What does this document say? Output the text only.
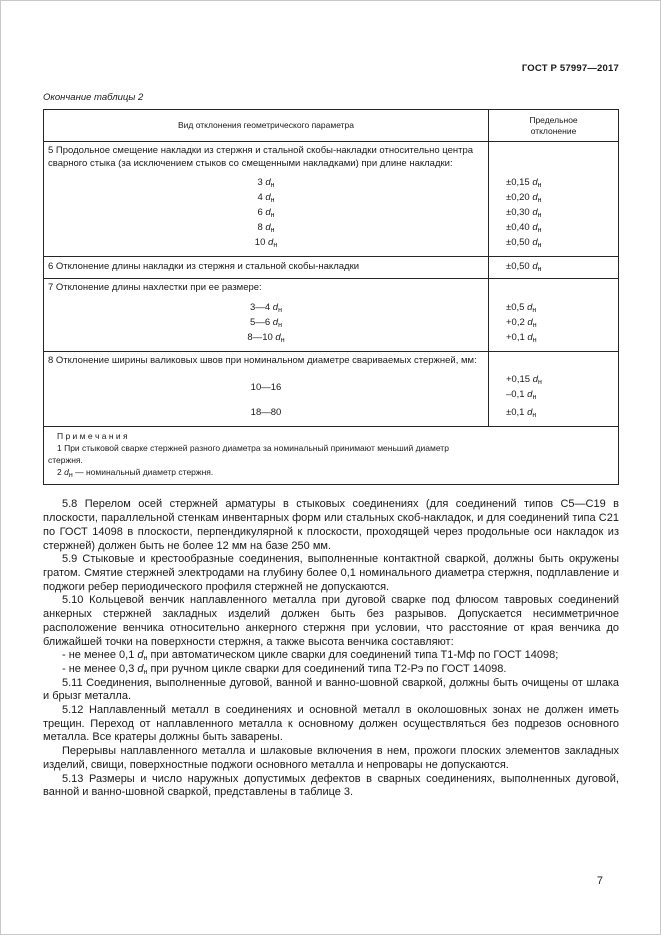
ГОСТ Р 57997—2017
Окончание таблицы 2
Вид отклонения геометрического параметра	Предельное
отклонение

5 Продольное смещение накладки из стержня и стальной скобы-накладки относительно центра сварного стыка (за исключением стыков со смещенными накладками) при длине накладки:	
3 $d_н$	±0,15 $d_н$
4 $d_н$	±0,20 $d_н$
6 $d_н$	±0,30 $d_н$
8 $d_н$	±0,40 $d_н$
10 $d_н$	±0,50 $d_н$
6 Отклонение длины накладки из стержня и стальной скобы-накладки	±0,50 $d_н$
7 Отклонение длины нахлестки при ее размере:	
3—4 $d_н$	±0,5 $d_н$
5—6 $d_н$	+0,2 $d_н$
8—10 $d_н$	+0,1 $d_н$
8 Отклонение ширины валиковых швов при номинальном диаметре свариваемых стержней, мм:	
10—16	+0,15 $d_н$
–0,1 $d_н$

18—80	±0,1 $d_н$

П р и м е ч а н и я
1 При стыковой сварке стержней разного диаметра за номинальный принимают меньший диаметр стержня.
2 $d_н$ — номинальный диаметр стержня.	

5.8 Перелом осей стержней арматуры в стыковых соединениях (для соединений типов С5—С19 в плоскости, параллельной стенкам инвентарных форм или стальных скоб-накладок, и для соединений типа С21 по ГОСТ 14098 в плоскости, перпендикулярной к плоскости, проходящей через продольные оси накладок из стержней) должен быть не более 12 мм на базе 250 мм.

5.9 Стыковые и крестообразные соединения, выполненные контактной сваркой, должны быть окружены гратом. Смятие стержней электродами на глубину более 0,1 номинального диаметра стержня, подплавление и поджоги ребер периодического профиля стержней не допускаются.

5.10 Кольцевой венчик наплавленного металла при дуговой сварке под флюсом тавровых соединений анкерных стержней закладных изделий должен быть без разрывов. Допускается несимметричное расположение венчика относительно анкерного стержня при условии, что расстояние от края венчика до ближайшей точки на поверхности стержня, а также высота венчика составляют:

- не менее 0,1 $d_н$ при автоматическом цикле сварки для соединений типа Т1-Мф по ГОСТ 14098;

- не менее 0,3 $d_н$ при ручном цикле сварки для соединений типа Т2-Рэ по ГОСТ 14098.

5.11 Соединения, выполненные дуговой, ванной и ванно-шовной сваркой, должны быть очищены от шлака и брызг металла.

5.12 Наплавленный металл в соединениях и основной металл в околошовных зонах не должен иметь трещин. Переход от наплавленного металла к основному должен осуществляться без подрезов основного металла. Все кратеры должны быть заварены.

Перерывы наплавленного металла и шлаковые включения в нем, прожоги плоских элементов закладных изделий, свищи, поверхностные поджоги основного металла и непровары не допускаются.

5.13 Размеры и число наружных допустимых дефектов в сварных соединениях, выполненных дуговой, ванной и ванно-шовной сваркой, представлены в таблице 3.

7
